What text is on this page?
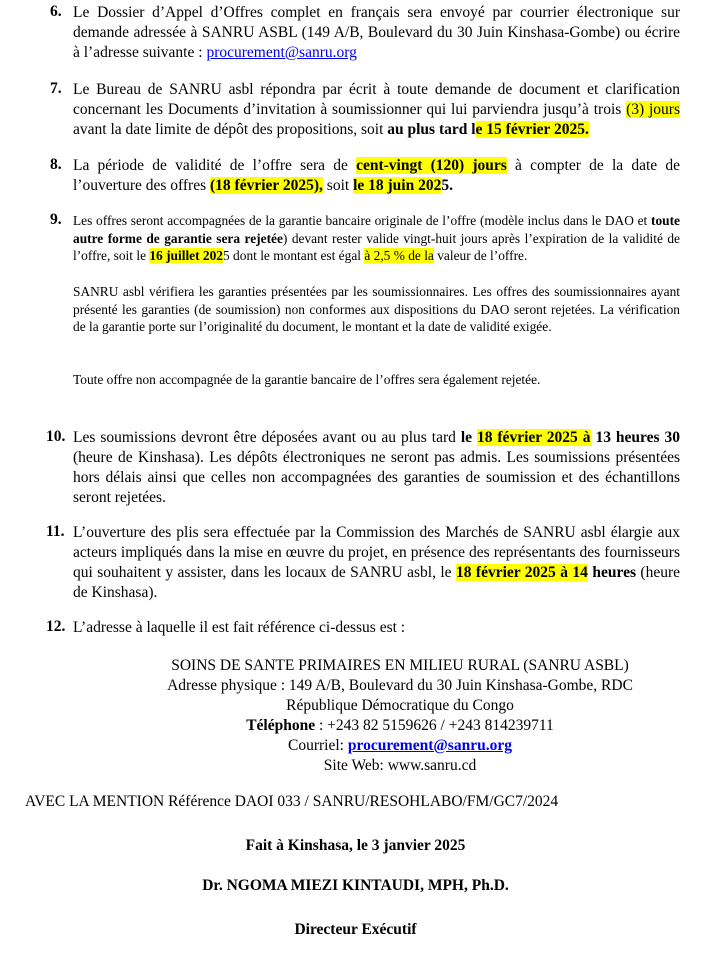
6. Le Dossier d’Appel d’Offres complet en français sera envoyé par courrier électronique sur demande adressée à SANRU ASBL (149 A/B, Boulevard du 30 Juin Kinshasa-Gombe) ou écrire à l’adresse suivante : procurement@sanru.org
7. Le Bureau de SANRU asbl répondra par écrit à toute demande de document et clarification concernant les Documents d’invitation à soumissionner qui lui parviendra jusqu’à trois (3) jours avant la date limite de dépôt des propositions, soit au plus tard le 15 février 2025.
8. La période de validité de l’offre sera de cent-vingt (120) jours à compter de la date de l’ouverture des offres (18 février 2025), soit le 18 juin 2025.
9. Les offres seront accompagnées de la garantie bancaire originale de l’offre (modèle inclus dans le DAO et toute autre forme de garantie sera rejetée) devant rester valide vingt-huit jours après l’expiration de la validité de l’offre, soit le 16 juillet 2025 dont le montant est égal à 2,5 % de la valeur de l’offre.
SANRU asbl vérifiera les garanties présentées par les soumissionnaires. Les offres des soumissionnaires ayant présenté les garanties (de soumission) non conformes aux dispositions du DAO seront rejetées. La vérification de la garantie porte sur l’originalité du document, le montant et la date de validité exigée.
Toute offre non accompagnée de la garantie bancaire de l’offres sera également rejetée.
10. Les soumissions devront être déposées avant ou au plus tard le 18 février 2025 à 13 heures 30 (heure de Kinshasa). Les dépôts électroniques ne seront pas admis. Les soumissions présentées hors délais ainsi que celles non accompagnées des garanties de soumission et des échantillons seront rejetées.
11. L’ouverture des plis sera effectuée par la Commission des Marchés de SANRU asbl élargie aux acteurs impliqués dans la mise en œuvre du projet, en présence des représentants des fournisseurs qui souhaitent y assister, dans les locaux de SANRU asbl, le 18 février 2025 à 14 heures (heure de Kinshasa).
12. L’adresse à laquelle il est fait référence ci-dessus est :
SOINS DE SANTE PRIMAIRES EN MILIEU RURAL (SANRU ASBL)
Adresse physique : 149 A/B, Boulevard du 30 Juin Kinshasa-Gombe, RDC
République Démocratique du Congo
Téléphone : +243 82 5159626 / +243 814239711
Courriel: procurement@sanru.org
Site Web: www.sanru.cd
AVEC LA MENTION Référence DAOI 033 / SANRU/RESOHLABO/FM/GC7/2024
Fait à Kinshasa, le 3 janvier 2025
Dr. NGOMA MIEZI KINTAUDI, MPH, Ph.D.
Directeur Exécutif
